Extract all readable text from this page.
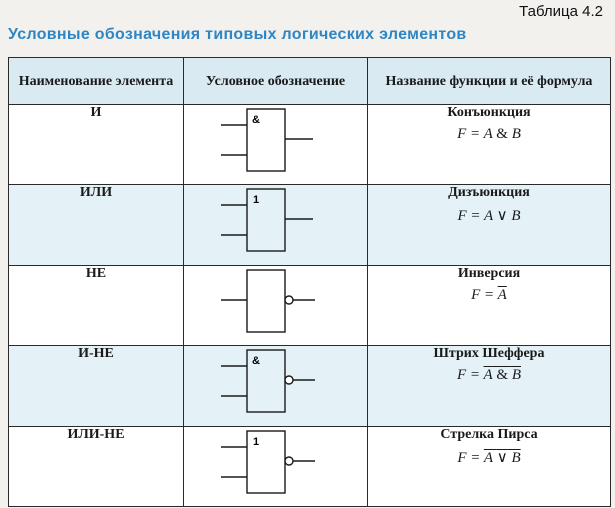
Таблица 4.2
Условные обозначения типовых логических элементов
Наименование элемента	Условное обозначение	Название функции и её формула
И	&	Конъюнкция
F = A & B

ИЛИ	1	Дизъюнкция
F = A ∨ B

НЕ		Инверсия
$F = \overline{A}$

И-НЕ	&	Штрих Шеффера
F = A & B

ИЛИ-НЕ	1	Стрелка Пирса
F = A ∨ B
